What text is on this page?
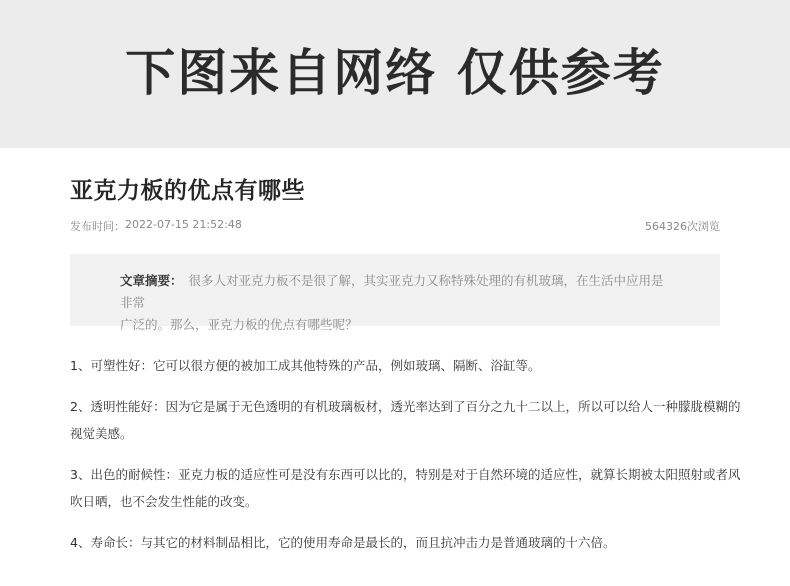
下图来自网络 仅供参考
亚克力板的优点有哪些
发布时间： 2022-07-15 21:52:48	564326次浏览
文章摘要： 很多人对亚克力板不是很了解，其实亚克力又称特殊处理的有机玻璃，在生活中应用是非常
广泛的。那么，亚克力板的优点有哪些呢？

1、可塑性好：它可以很方便的被加工成其他特殊的产品，例如玻璃、隔断、浴缸等。

2、透明性能好：因为它是属于无色透明的有机玻璃板材，透光率达到了百分之九十二以上，所以可以给人一种朦胧模糊的
视觉美感。

3、出色的耐候性：亚克力板的适应性可是没有东西可以比的，特别是对于自然环境的适应性，就算长期被太阳照射或者风
吹日晒，也不会发生性能的改变。

4、寿命长：与其它的材料制品相比，它的使用寿命是最长的，而且抗冲击力是普通玻璃的十六倍。
